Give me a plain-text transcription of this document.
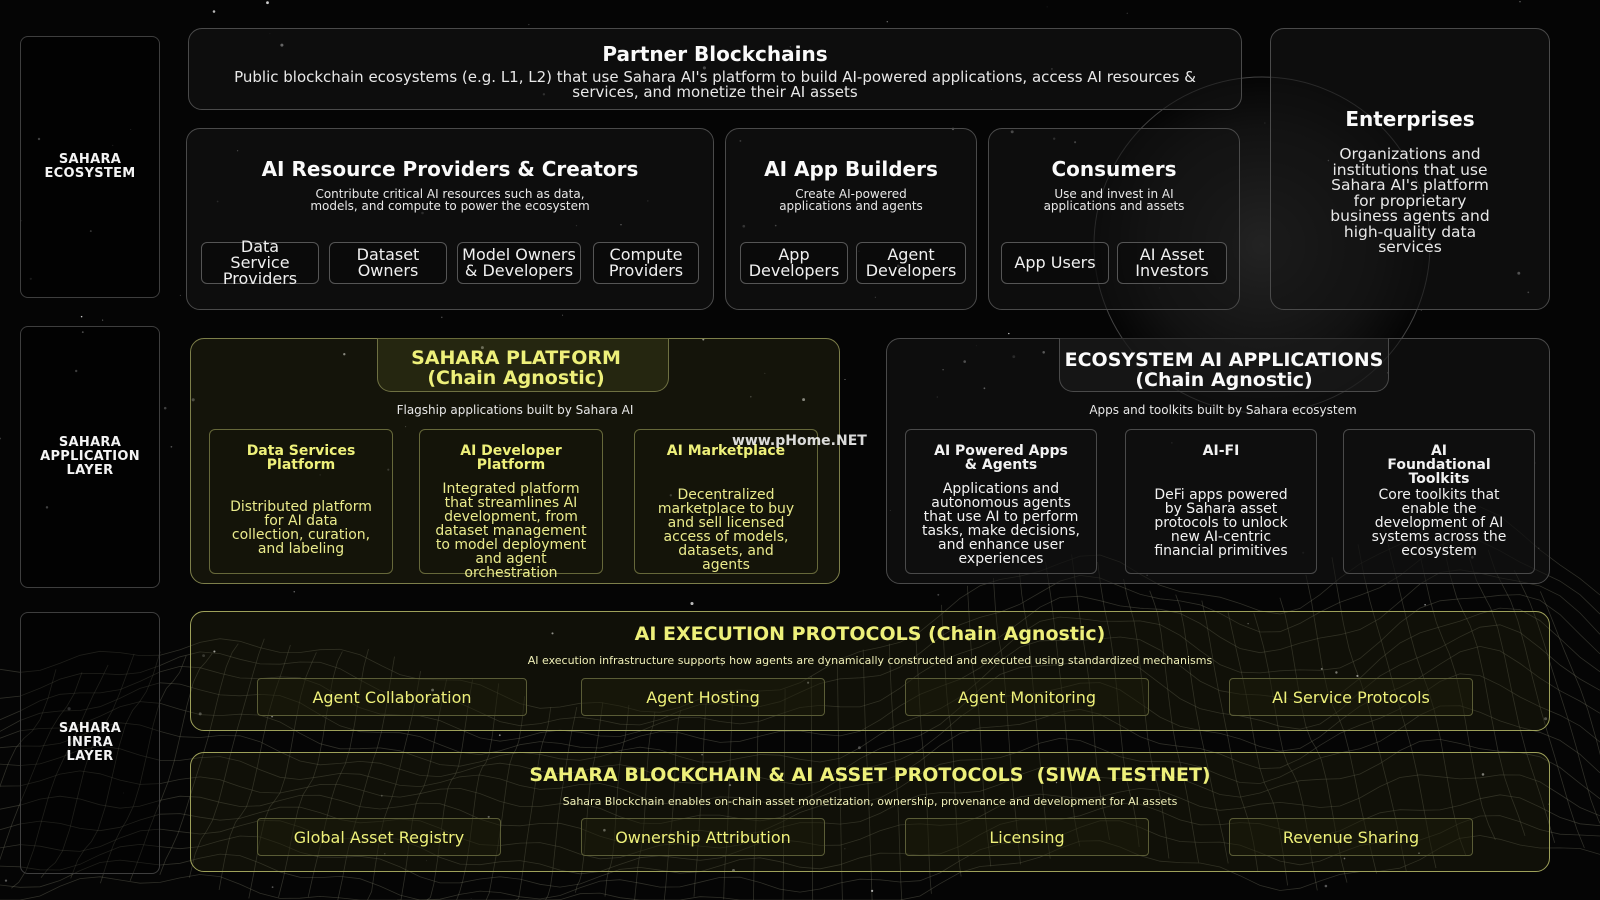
SAHARA
ECOSYSTEM
SAHARA
APPLICATION
LAYER
SAHARA
INFRA
LAYER
Partner Blockchains
Public blockchain ecosystems (e.g. L1, L2) that use Sahara AI's platform to build AI-powered applications, access AI resources & services, and monetize their AI assets
AI Resource Providers & Creators
Contribute critical AI resources such as data, models, and compute to power the ecosystem
Data Service Providers
Dataset Owners
Model Owners & Developers
Compute Providers
AI App Builders
Create AI-powered applications and agents
App Developers
Agent Developers
Consumers
Use and invest in AI applications and assets
App Users	AI Asset Investors
Enterprises
Organizations and institutions that use Sahara AI's platform for proprietary business agents and high-quality data services
SAHARA PLATFORM
(Chain Agnostic)
Flagship applications built by Sahara AI
Data Services Platform
Distributed platform for AI data collection, curation, and labeling
AI Developer Platform
Integrated platform that streamlines AI development, from dataset management to model deployment and agent orchestration
AI Marketplace
Decentralized marketplace to buy and sell licensed access of models, datasets, and agents
ECOSYSTEM AI APPLICATIONS
(Chain Agnostic)
Apps and toolkits built by Sahara ecosystem
AI Powered Apps & Agents
Applications and autonomous agents that use AI to perform tasks, make decisions, and enhance user experiences
AI-FI
DeFi apps powered by Sahara asset protocols to unlock new AI-centric financial primitives
AI Foundational Toolkits
Core toolkits that enable the development of AI systems across the ecosystem
AI EXECUTION PROTOCOLS (Chain Agnostic)
AI execution infrastructure supports how agents are dynamically constructed and executed using standardized mechanisms
Agent Collaboration	Agent Hosting	Agent Monitoring	AI Service Protocols
SAHARA BLOCKCHAIN & AI ASSET PROTOCOLS  (SIWA TESTNET)
Sahara Blockchain enables on-chain asset monetization, ownership, provenance and development for AI assets
Global Asset Registry	Ownership Attribution	Licensing	Revenue Sharing
www.pHome.NET
